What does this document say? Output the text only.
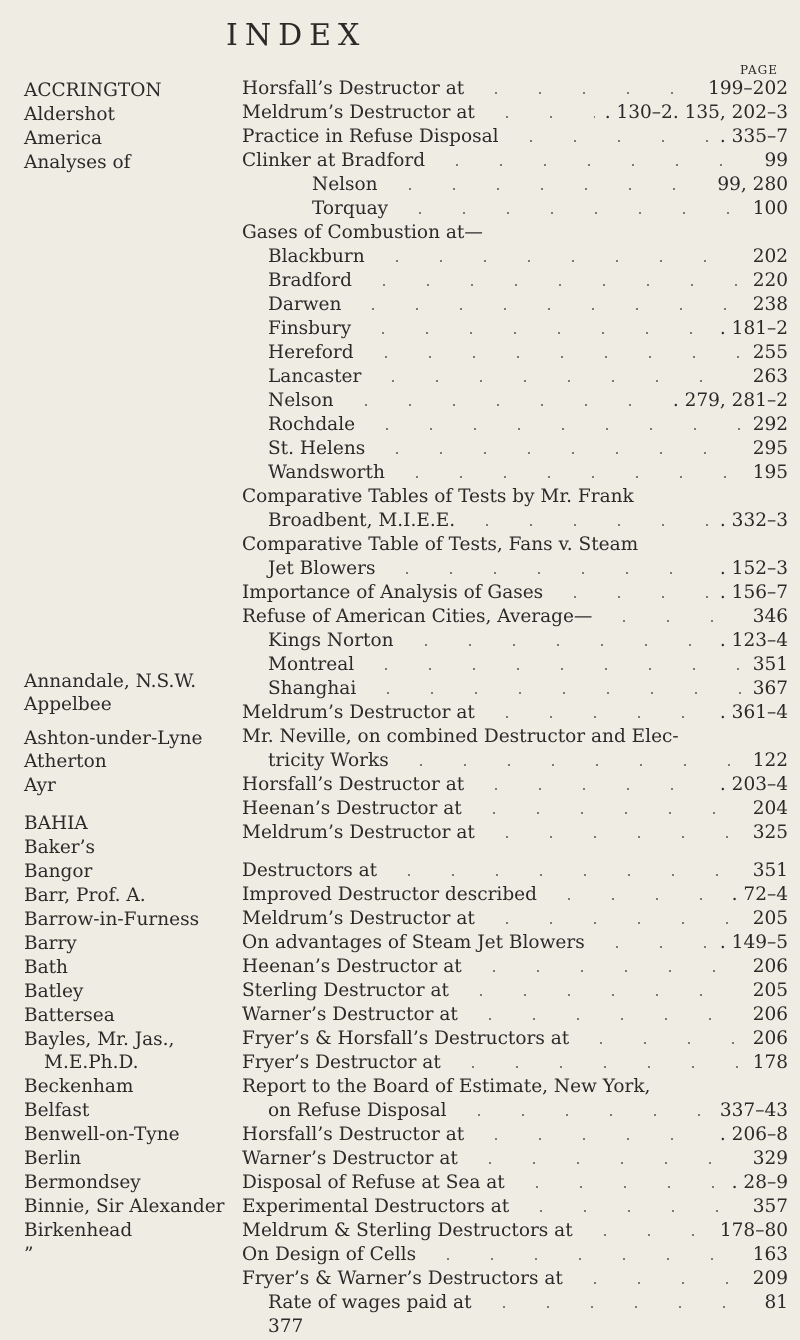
INDEX
PAGE
ACCRINGTON
Aldershot
America
Analyses of
Annandale, N.S.W.
Appelbee
Ashton-under-Lyne
Atherton
Ayr
BAHIA
Baker’s
Bangor
Barr, Prof. A.
Barrow-in-Furness
Barry
Bath
Batley
Battersea
Bayles, Mr. Jas.,
M.E.Ph.D.
Beckenham
Belfast
Benwell-on-Tyne
Berlin
Bermondsey
Binnie, Sir Alexander
Birkenhead
”
Horsfall’s Destructor at	199–202
Meldrum’s Destructor at	. 130–2. 135, 202–3
Practice in Refuse Disposal	. 335–7
Clinker at Bradford	99
Nelson	99, 280
Torquay	100
Gases of Combustion at—
Blackburn	202
Bradford	220
Darwen	238
Finsbury	. 181–2
Hereford	255
Lancaster	263
Nelson	. 279, 281–2
Rochdale	292
St. Helens	295
Wandsworth	195
Comparative Tables of Tests by Mr. Frank
Broadbent, M.I.E.E.	. 332–3
Comparative Table of Tests, Fans v. Steam
Jet Blowers	. 152–3
Importance of Analysis of Gases	. 156–7
Refuse of American Cities, Average—	346
Kings Norton	. 123–4
Montreal	351
Shanghai	367
Meldrum’s Destructor at	. 361–4
Mr. Neville, on combined Destructor and Elec-
tricity Works	122
Horsfall’s Destructor at	. 203–4
Heenan’s Destructor at	204
Meldrum’s Destructor at	325
Destructors at	351
Improved Destructor described	. 72–4
Meldrum’s Destructor at	205
On advantages of Steam Jet Blowers	. 149–5
Heenan’s Destructor at	206
Sterling Destructor at	205
Warner’s Destructor at	206
Fryer’s & Horsfall’s Destructors at	206
Fryer’s Destructor at	178
Report to the Board of Estimate, New York,
on Refuse Disposal	337–43
Horsfall’s Destructor at	. 206–8
Warner’s Destructor at	329
Disposal of Refuse at Sea at	. 28–9
Experimental Destructors at	357
Meldrum & Sterling Destructors at	178–80
On Design of Cells	163
Fryer’s & Warner’s Destructors at	209
Rate of wages paid at	81
377
